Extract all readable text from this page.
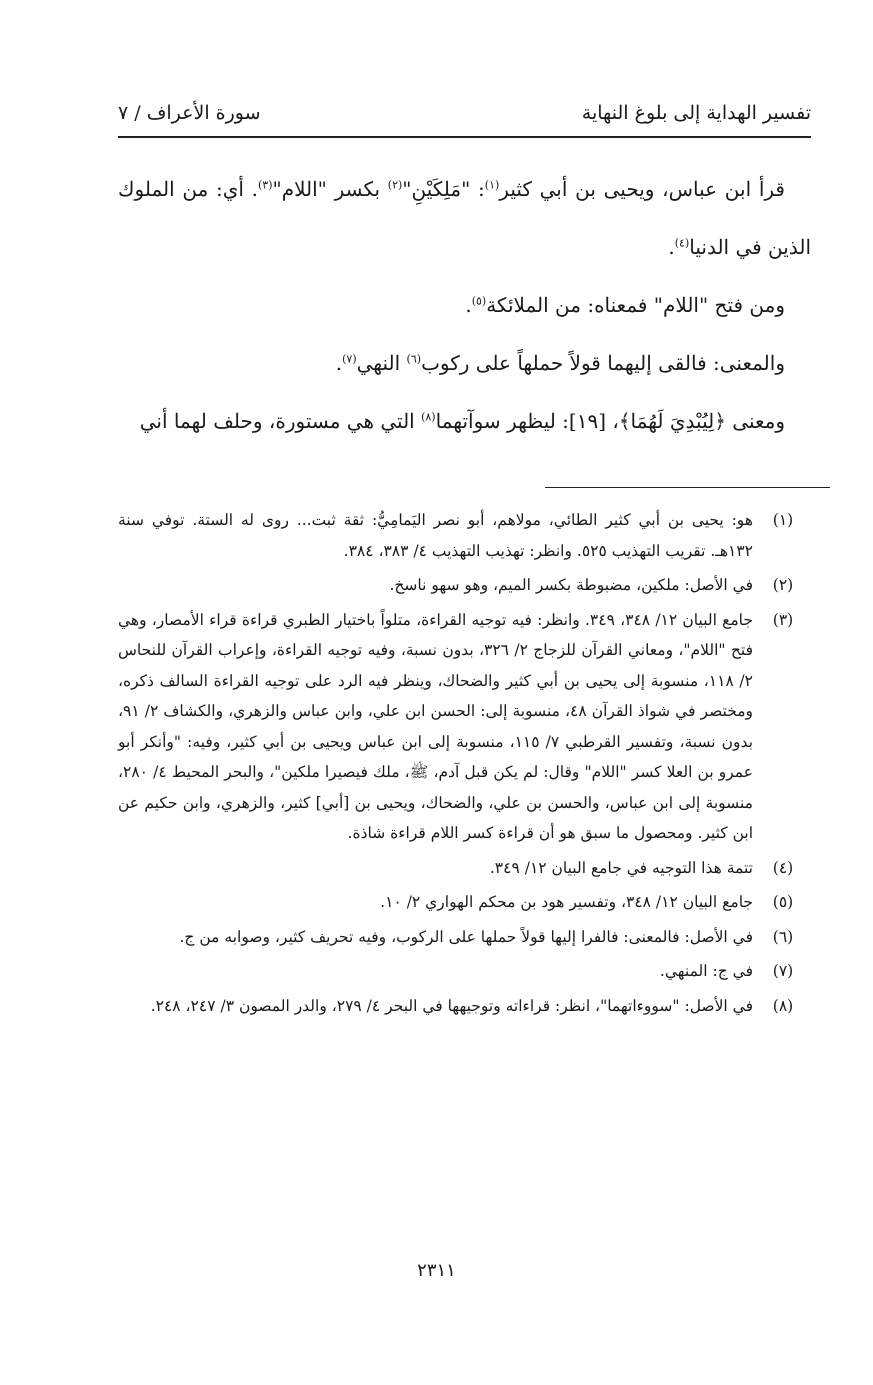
تفسير الهداية إلى بلوغ النهاية
سورة الأعراف / ٧

قرأ ابن عباس، ويحيى بن أبي كثير$^{(١)}$: "مَلِكَيْنِ"$^{(٢)}$ بكسر "اللام"$^{(٣)}$. أي: من الملوك الذين في الدنيا$^{(٤)}$.

ومن فتح "اللام" فمعناه: من الملائكة$^{(٥)}$.

والمعنى: فالقى إليهما قولاً حملهاً على ركوب$^{(٦)}$ النهي$^{(٧)}$.

ومعنى ﴿لِيُبْدِيَ لَهُمَا﴾، [١٩]: ليظهر سوآتهما$^{(٨)}$ التي هي مستورة، وحلف لهما أني

(١)
هو: يحيى بن أبي كثير الطائي، مولاهم، أبو نصر اليَمامِيُّ: ثقة ثبت... روى له الستة. توفي سنة ١٣٢هـ. تقريب التهذيب ٥٢٥. وانظر: تهذيب التهذيب ٤/ ٣٨٣، ٣٨٤.
(٢)
في الأصل: ملكين، مضبوطة بكسر الميم، وهو سهو ناسخ.
(٣)
جامع البيان ١٢/ ٣٤٨، ٣٤٩. وانظر: فيه توجيه القراءة، متلواً باختيار الطبري قراءة قراء الأمصار، وهي فتح "اللام"، ومعاني القرآن للزجاج ٢/ ٣٢٦، بدون نسبة، وفيه توجيه القراءة، وإعراب القرآن للنحاس ٢/ ١١٨، منسوبة إلى يحيى بن أبي كثير والضحاك، وينظر فيه الرد على توجيه القراءة السالف ذكره، ومختصر في شواذ القرآن ٤٨، منسوبة إلى: الحسن ابن علي، وابن عباس والزهري، والكشاف ٢/ ٩١، بدون نسبة، وتفسير القرطبي ٧/ ١١٥، منسوبة إلى ابن عباس ويحيى بن أبي كثير، وفيه: "وأنكر أبو عمرو بن العلا كسر "اللام" وقال: لم يكن قبل آدم، ﷺ، ملك فيصيرا ملكين"، والبحر المحيط ٤/ ٢٨٠، منسوبة إلى ابن عباس، والحسن بن علي، والضحاك، ويحيى بن [أبي] كثير، والزهري، وابن حكيم عن ابن كثير. ومحصول ما سبق هو أن قراءة كسر اللام قراءة شاذة.
(٤)
تتمة هذا التوجيه في جامع البيان ١٢/ ٣٤٩.
(٥)
جامع البيان ١٢/ ٣٤٨، وتفسير هود بن محكم الهواري ٢/ ١٠.
(٦)
في الأصل: فالمعنى: فالفرا إليها قولاً حملها على الركوب، وفيه تحريف كثير، وصوابه من ج.
(٧)
في ج: المنهي.
(٨)
في الأصل: "سووءاتهما"، انظر: قراءاته وتوجيهها في البحر ٤/ ٢٧٩، والدر المصون ٣/ ٢٤٧، ٢٤٨.
٢٣١١
